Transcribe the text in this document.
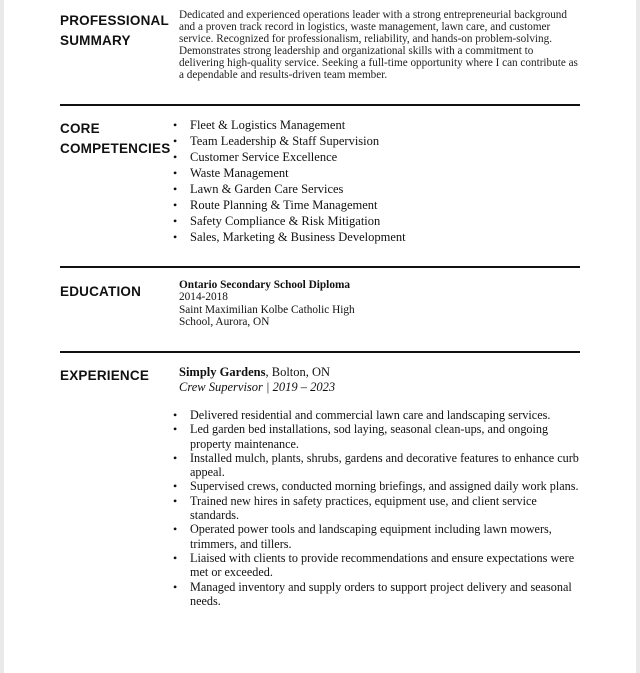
PROFESSIONAL
SUMMARY
Dedicated and experienced operations leader with a strong entrepreneurial background and a proven track record in logistics, waste management, lawn care, and customer service. Recognized for professionalism, reliability, and hands-on problem-solving. Demonstrates strong leadership and organizational skills with a commitment to delivering high-quality service. Seeking a full-time opportunity where I can contribute as a dependable and results-driven team member.
CORE
COMPETENCIES
• Fleet & Logistics Management
• Team Leadership & Staff Supervision
• Customer Service Excellence
• Waste Management
• Lawn & Garden Care Services
• Route Planning & Time Management
• Safety Compliance & Risk Mitigation
• Sales, Marketing & Business Development
EDUCATION	Ontario Secondary School Diploma
2014-2018
Saint Maximilian Kolbe Catholic High
School, Aurora, ON
EXPERIENCE Simply Gardens, Bolton, ON
Crew Supervisor | 2019 – 2023
• Delivered residential and commercial lawn care and landscaping services.
• Led garden bed installations, sod laying, seasonal clean-ups, and ongoing property maintenance.
• Installed mulch, plants, shrubs, gardens and decorative features to enhance curb appeal.
• Supervised crews, conducted morning briefings, and assigned daily work plans.
• Trained new hires in safety practices, equipment use, and client service standards.
• Operated power tools and landscaping equipment including lawn mowers, trimmers, and tillers.
• Liaised with clients to provide recommendations and ensure expectations were met or exceeded.
• Managed inventory and supply orders to support project delivery and seasonal needs.
